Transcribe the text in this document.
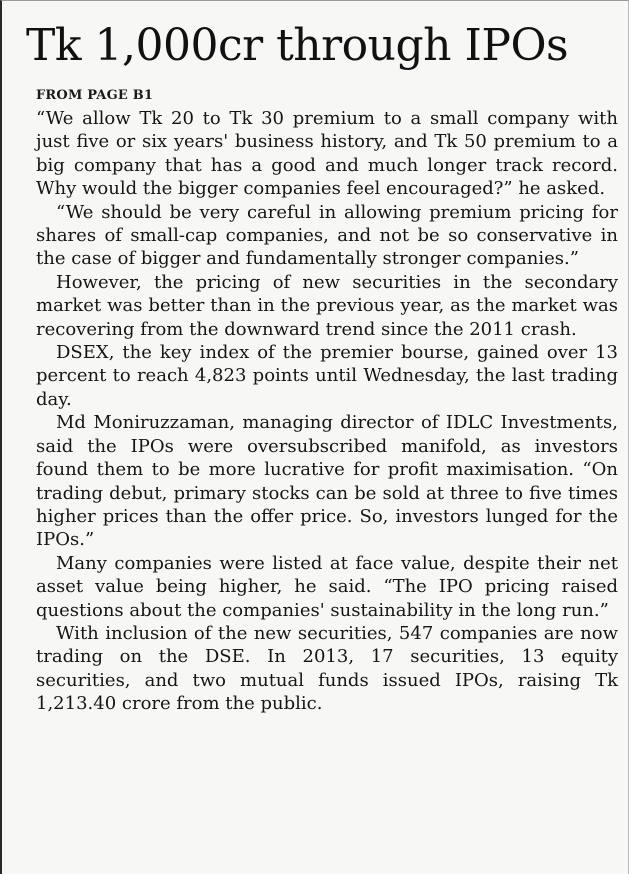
Tk 1,000cr through IPOs
FROM PAGE B1

“We allow Tk 20 to Tk 30 premium to a small company with just five or six years' business history, and Tk 50 premium to a big company that has a good and much longer track record. Why would the bigger companies feel encouraged?” he asked.

“We should be very careful in allowing premium pricing for shares of small-cap companies, and not be so conservative in the case of bigger and fundamentally stronger companies.”

However, the pricing of new securities in the secondary market was better than in the previous year, as the market was recovering from the downward trend since the 2011 crash.

DSEX, the key index of the premier bourse, gained over 13 percent to reach 4,823 points until Wednesday, the last trading day.

Md Moniruzzaman, managing director of IDLC Investments, said the IPOs were oversubscribed manifold, as investors found them to be more lucrative for profit maximisation. “On trading debut, primary stocks can be sold at three to five times higher prices than the offer price. So, investors lunged for the IPOs.”

Many companies were listed at face value, despite their net asset value being higher, he said. “The IPO pricing raised questions about the companies' sustainability in the long run.”

With inclusion of the new securities, 547 companies are now trading on the DSE. In 2013, 17 securities, 13 equity securities, and two mutual funds issued IPOs, raising Tk 1,213.40 crore from the public.
